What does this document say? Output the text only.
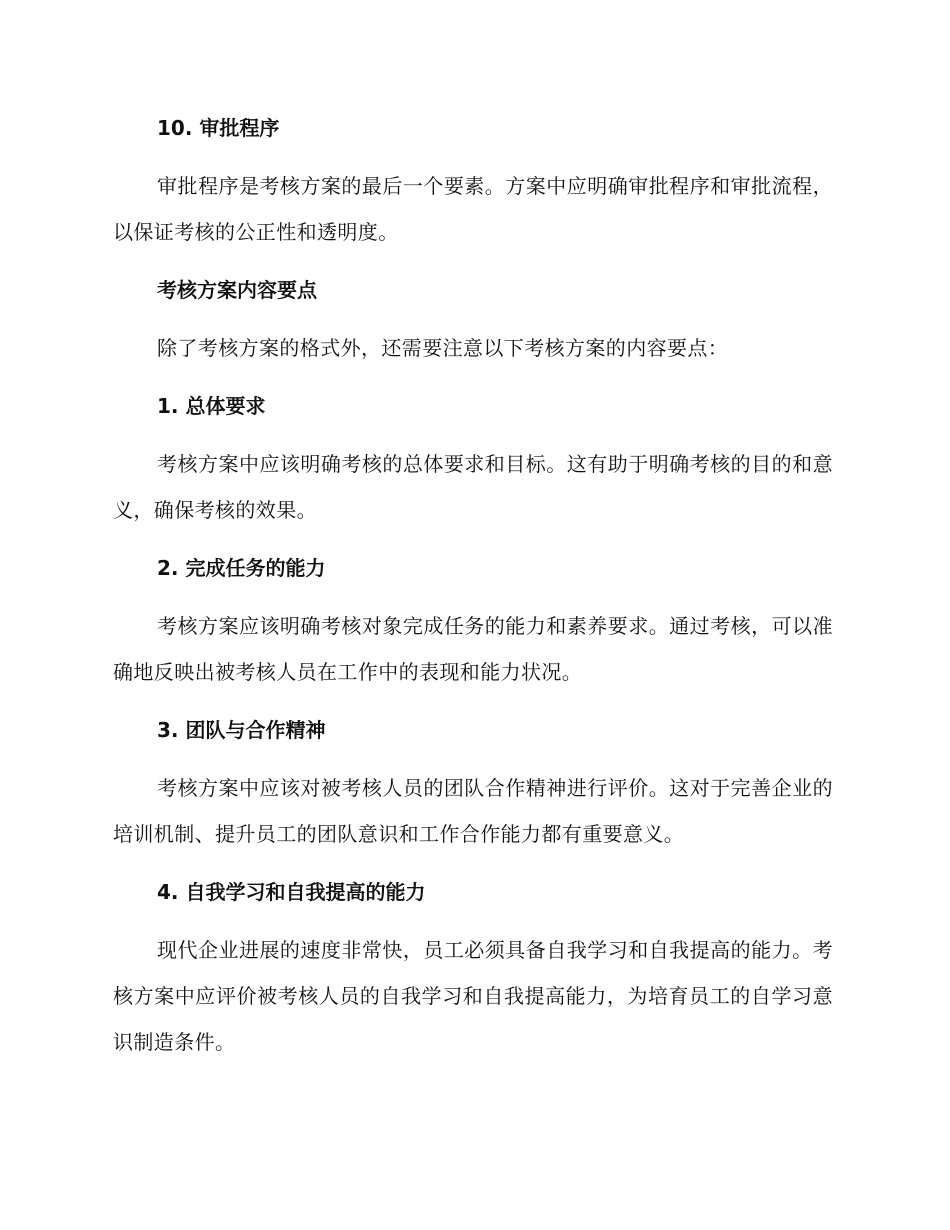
10. 审批程序
审批程序是考核方案的最后一个要素。方案中应明确审批程序和审批流程，以保证考核的公正性和透明度。
考核方案内容要点
除了考核方案的格式外，还需要注意以下考核方案的内容要点：
1. 总体要求
考核方案中应该明确考核的总体要求和目标。这有助于明确考核的目的和意义，确保考核的效果。
2. 完成任务的能力
考核方案应该明确考核对象完成任务的能力和素养要求。通过考核，可以准确地反映出被考核人员在工作中的表现和能力状况。
3. 团队与合作精神
考核方案中应该对被考核人员的团队合作精神进行评价。这对于完善企业的培训机制、提升员工的团队意识和工作合作能力都有重要意义。
4. 自我学习和自我提高的能力
现代企业进展的速度非常快，员工必须具备自我学习和自我提高的能力。考核方案中应评价被考核人员的自我学习和自我提高能力，为培育员工的自学习意识制造条件。
